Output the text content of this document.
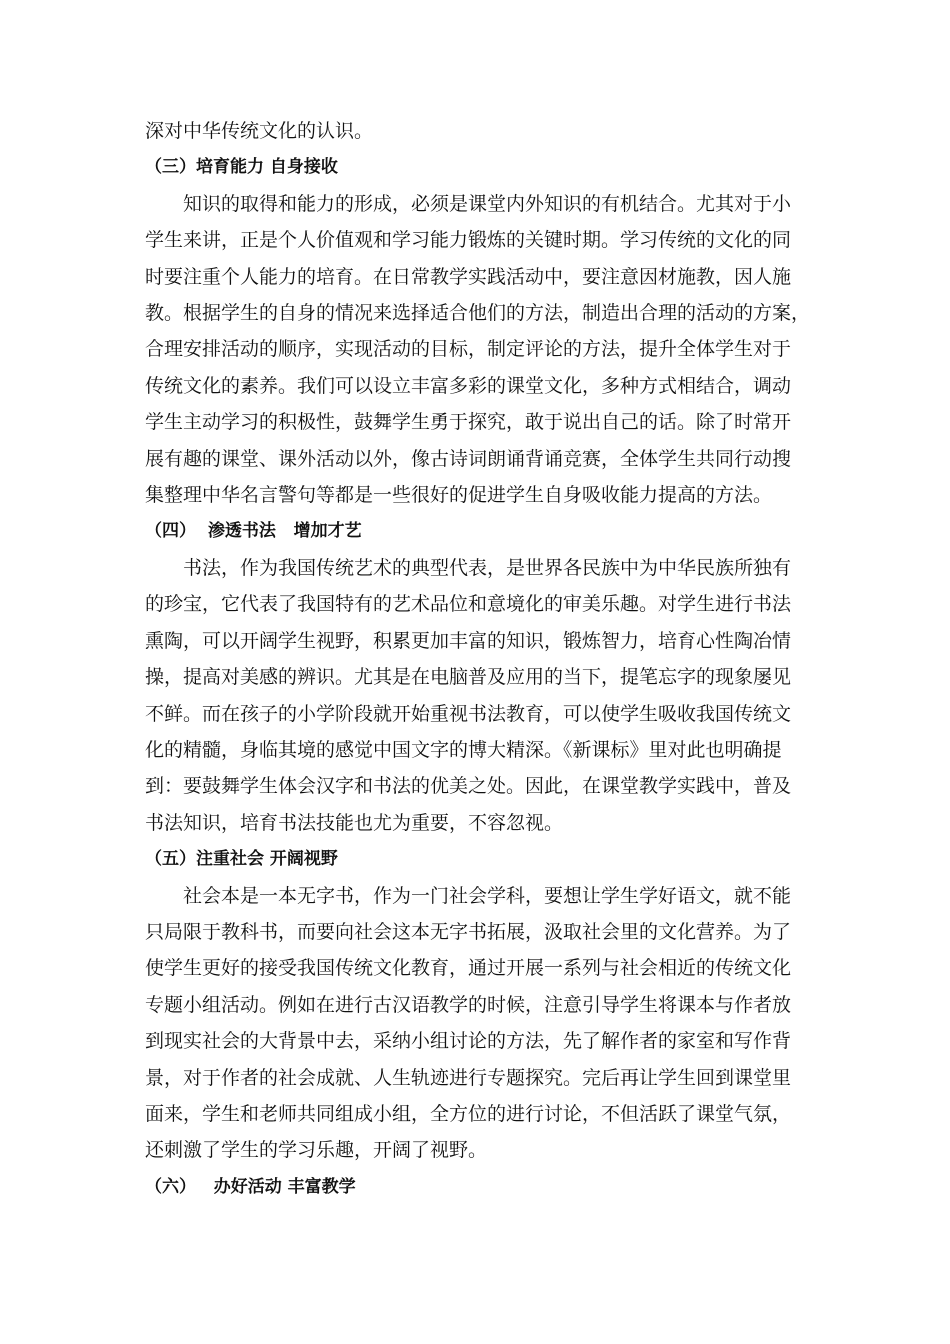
深对中华传统文化的认识。

（三）培育能力 自身接收
知识的取得和能力的形成，必须是课堂内外知识的有机结合。尤其对于小
学生来讲，正是个人价值观和学习能力锻炼的关键时期。学习传统的文化的同
时要注重个人能力的培育。在日常教学实践活动中，要注意因材施教，因人施
教。根据学生的自身的情况来选择适合他们的方法，制造出合理的活动的方案，
合理安排活动的顺序，实现活动的目标，制定评论的方法，提升全体学生对于
传统文化的素养。我们可以设立丰富多彩的课堂文化，多种方式相结合，调动
学生主动学习的积极性，鼓舞学生勇于探究，敢于说出自己的话。除了时常开
展有趣的课堂、课外活动以外，像古诗词朗诵背诵竞赛，全体学生共同行动搜
集整理中华名言警句等都是一些很好的促进学生自身吸收能力提高的方法。
（四）  渗透书法   增加才艺
书法，作为我国传统艺术的典型代表，是世界各民族中为中华民族所独有
的珍宝，它代表了我国特有的艺术品位和意境化的审美乐趣。对学生进行书法
熏陶，可以开阔学生视野，积累更加丰富的知识，锻炼智力，培育心性陶冶情
操，提高对美感的辨识。尤其是在电脑普及应用的当下，提笔忘字的现象屡见
不鲜。而在孩子的小学阶段就开始重视书法教育，可以使学生吸收我国传统文
化的精髓，身临其境的感觉中国文字的博大精深。《新课标》里对此也明确提
到：要鼓舞学生体会汉字和书法的优美之处。因此，在课堂教学实践中，普及
书法知识，培育书法技能也尤为重要，不容忽视。
（五）注重社会 开阔视野
社会本是一本无字书，作为一门社会学科，要想让学生学好语文，就不能
只局限于教科书，而要向社会这本无字书拓展，汲取社会里的文化营养。为了
使学生更好的接受我国传统文化教育，通过开展一系列与社会相近的传统文化
专题小组活动。例如在进行古汉语教学的时候，注意引导学生将课本与作者放
到现实社会的大背景中去，采纳小组讨论的方法，先了解作者的家室和写作背
景，对于作者的社会成就、人生轨迹进行专题探究。完后再让学生回到课堂里
面来，学生和老师共同组成小组，全方位的进行讨论，不但活跃了课堂气氛，
还刺激了学生的学习乐趣，开阔了视野。
（六）   办好活动 丰富教学
